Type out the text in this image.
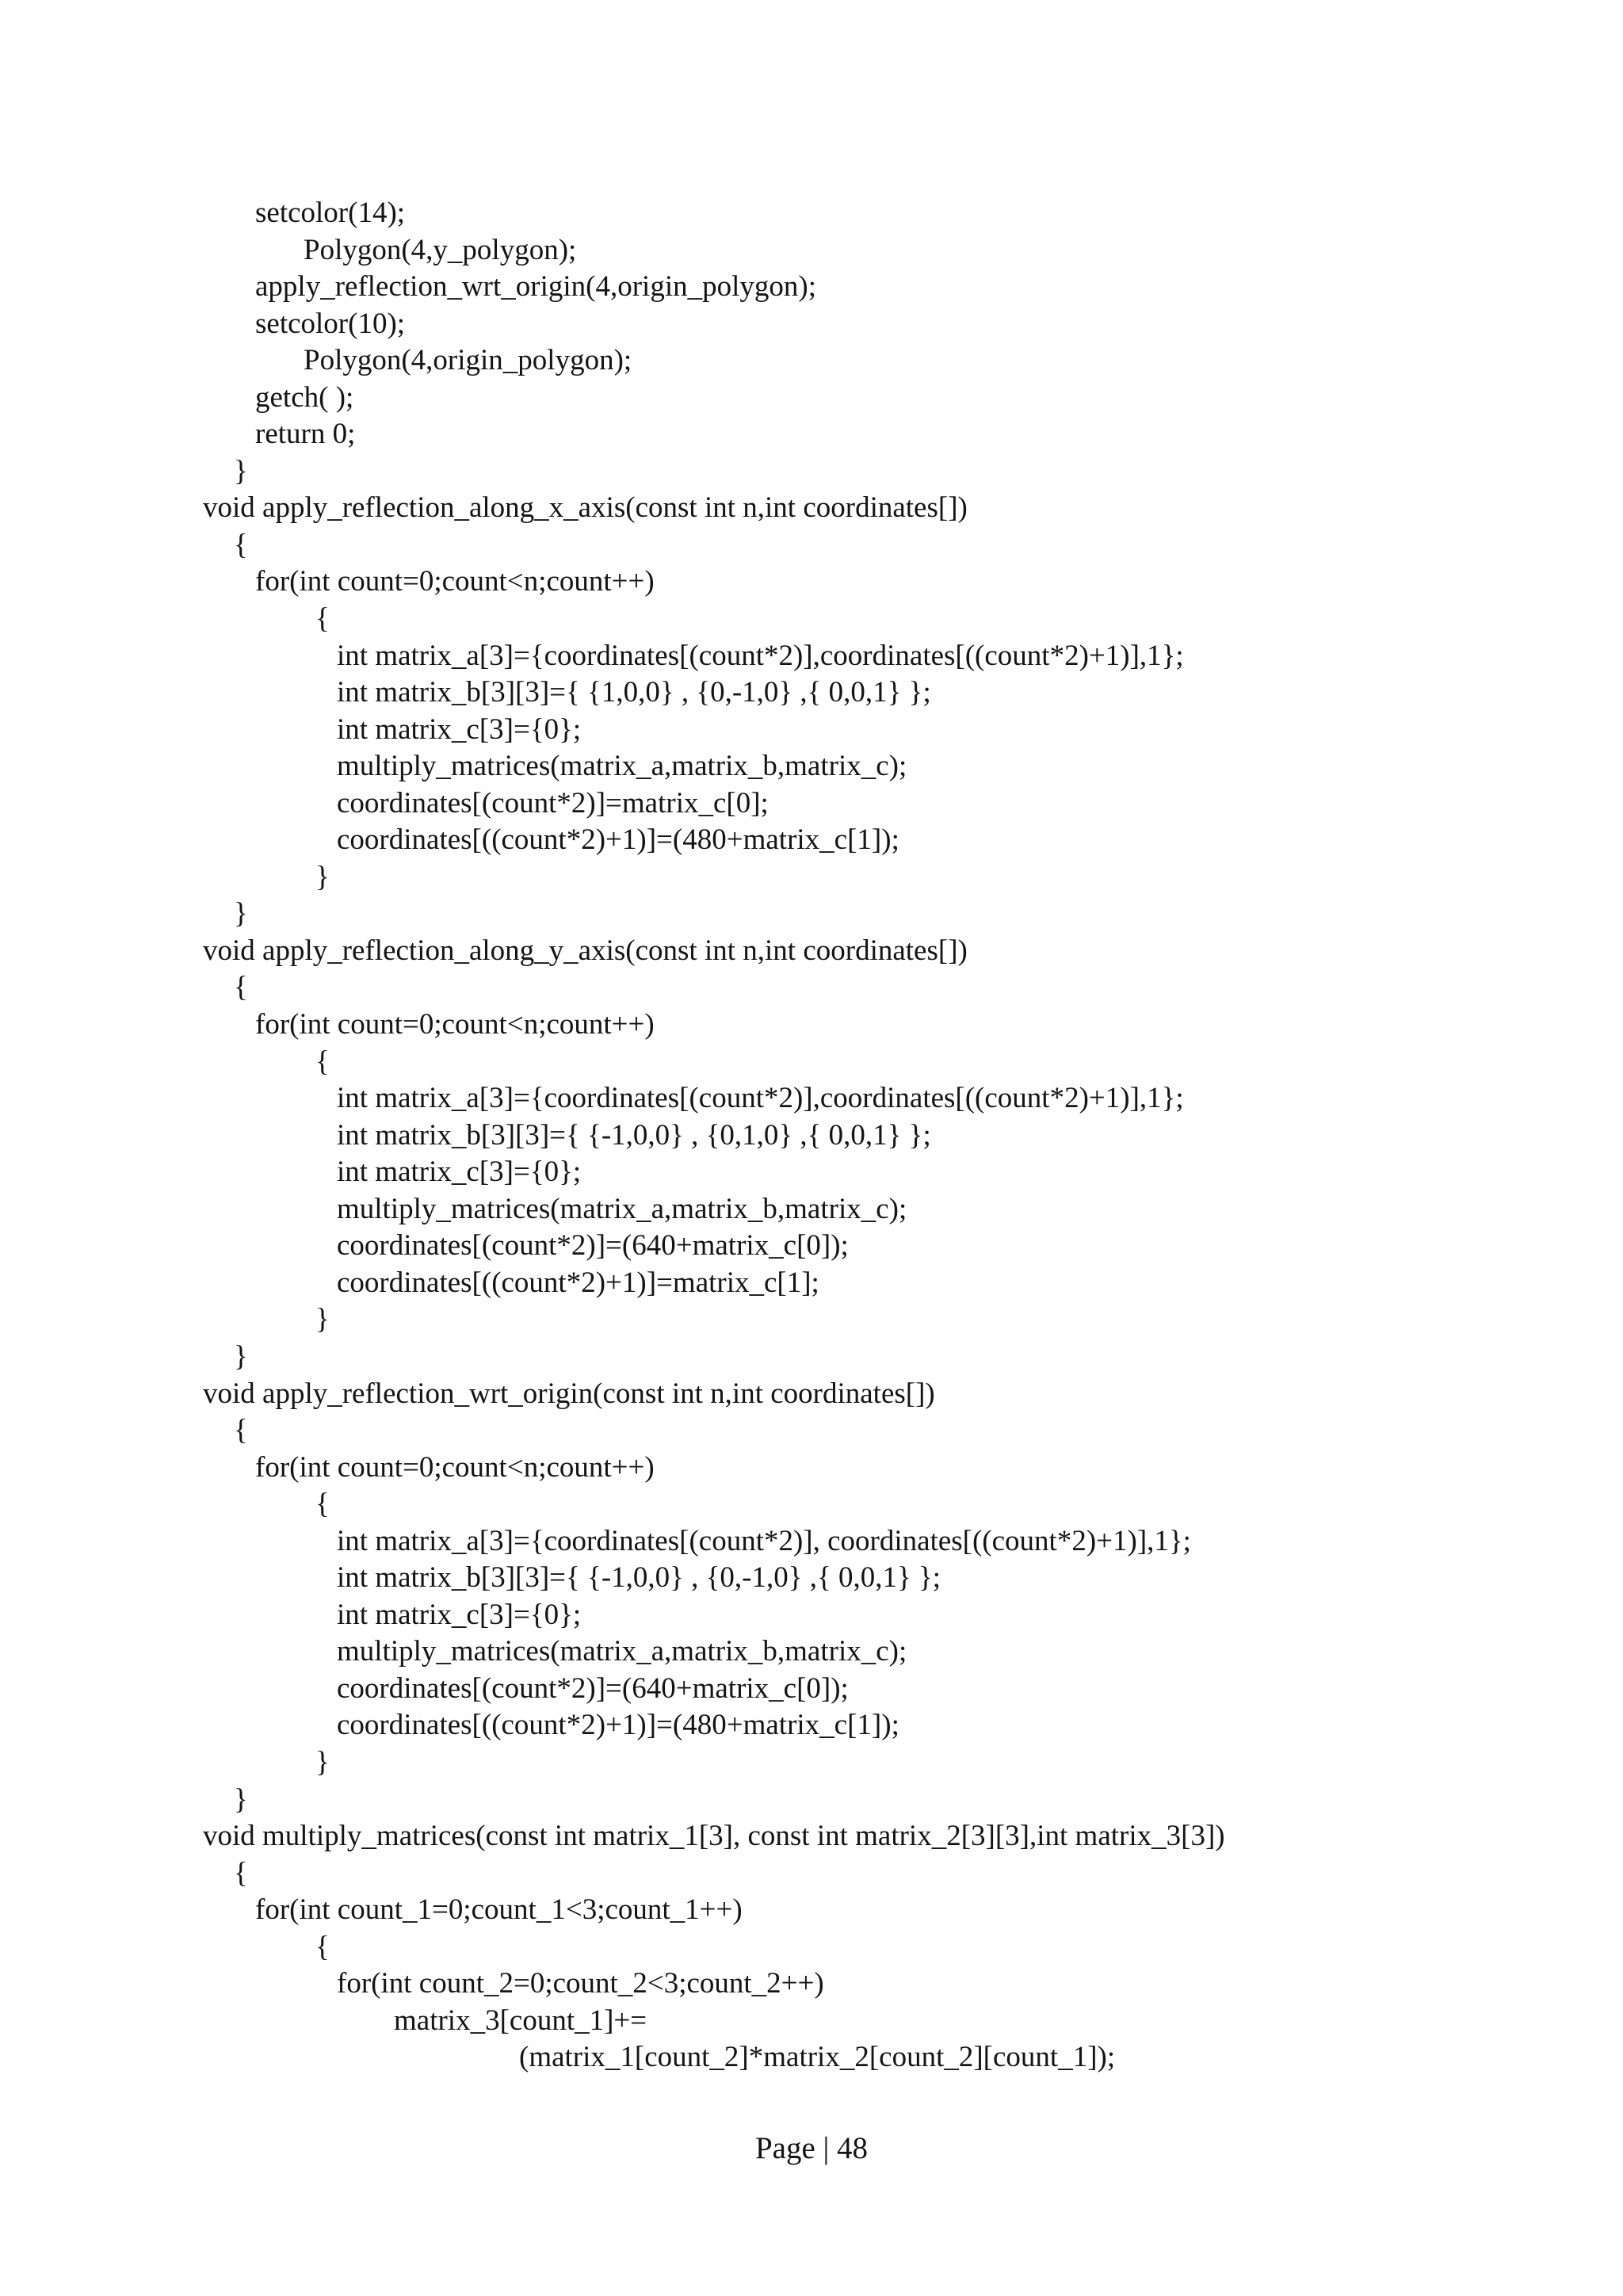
setcolor(14);
Polygon(4,y_polygon);
apply_reflection_wrt_origin(4,origin_polygon);
setcolor(10);
Polygon(4,origin_polygon);
getch( );
return 0;
}
void apply_reflection_along_x_axis(const int n,int coordinates[])
{
for(int count=0;count<n;count++)
{
int matrix_a[3]={coordinates[(count*2)],coordinates[((count*2)+1)],1};
int matrix_b[3][3]={ {1,0,0} , {0,-1,0} ,{ 0,0,1} };
int matrix_c[3]={0};
multiply_matrices(matrix_a,matrix_b,matrix_c);
coordinates[(count*2)]=matrix_c[0];
coordinates[((count*2)+1)]=(480+matrix_c[1]);
}
}
void apply_reflection_along_y_axis(const int n,int coordinates[])
{
for(int count=0;count<n;count++)
{
int matrix_a[3]={coordinates[(count*2)],coordinates[((count*2)+1)],1};
int matrix_b[3][3]={ {-1,0,0} , {0,1,0} ,{ 0,0,1} };
int matrix_c[3]={0};
multiply_matrices(matrix_a,matrix_b,matrix_c);
coordinates[(count*2)]=(640+matrix_c[0]);
coordinates[((count*2)+1)]=matrix_c[1];
}
}
void apply_reflection_wrt_origin(const int n,int coordinates[])
{
for(int count=0;count<n;count++)
{
int matrix_a[3]={coordinates[(count*2)], coordinates[((count*2)+1)],1};
int matrix_b[3][3]={ {-1,0,0} , {0,-1,0} ,{ 0,0,1} };
int matrix_c[3]={0};
multiply_matrices(matrix_a,matrix_b,matrix_c);
coordinates[(count*2)]=(640+matrix_c[0]);
coordinates[((count*2)+1)]=(480+matrix_c[1]);
}
}
void multiply_matrices(const int matrix_1[3], const int matrix_2[3][3],int matrix_3[3])
{
for(int count_1=0;count_1<3;count_1++)
{
for(int count_2=0;count_2<3;count_2++)
matrix_3[count_1]+=
(matrix_1[count_2]*matrix_2[count_2][count_1]);
Page | 48
